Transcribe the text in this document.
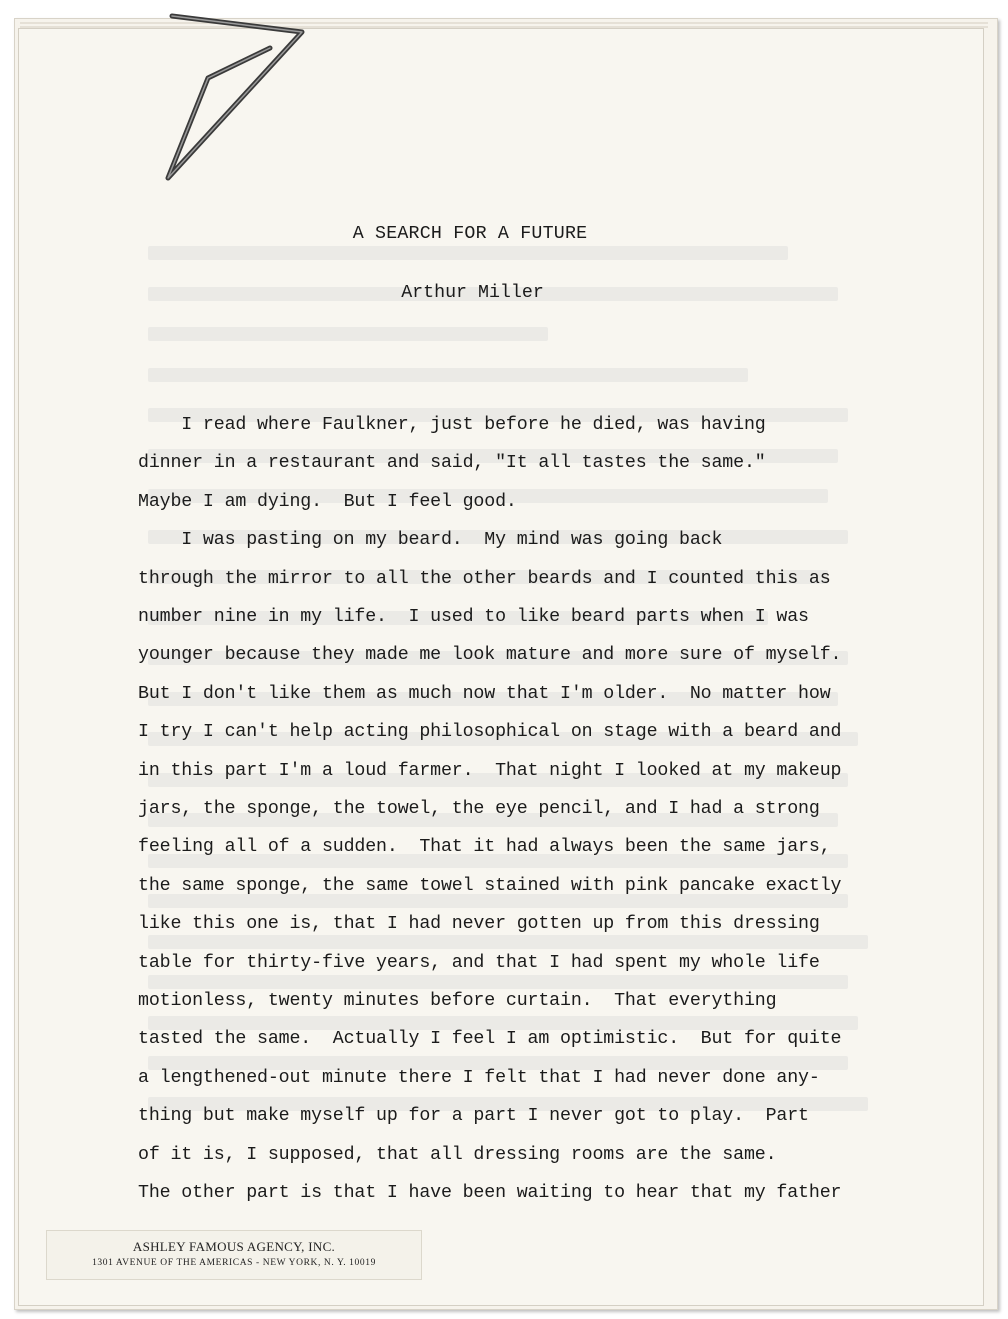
A SEARCH FOR A FUTURE
Arthur Miller
I read where Faulkner, just before he died, was having
dinner in a restaurant and said, "It all tastes the same."
Maybe I am dying.  But I feel good.
I was pasting on my beard.  My mind was going back
through the mirror to all the other beards and I counted this as
number nine in my life.  I used to like beard parts when I was
younger because they made me look mature and more sure of myself.
But I don't like them as much now that I'm older.  No matter how
I try I can't help acting philosophical on stage with a beard and
in this part I'm a loud farmer.  That night I looked at my makeup
jars, the sponge, the towel, the eye pencil, and I had a strong
feeling all of a sudden.  That it had always been the same jars,
the same sponge, the same towel stained with pink pancake exactly
like this one is, that I had never gotten up from this dressing
table for thirty-five years, and that I had spent my whole life
motionless, twenty minutes before curtain.  That everything
tasted the same.  Actually I feel I am optimistic.  But for quite
a lengthened-out minute there I felt that I had never done any-
thing but make myself up for a part I never got to play.  Part
of it is, I supposed, that all dressing rooms are the same.
The other part is that I have been waiting to hear that my father
ASHLEY FAMOUS AGENCY, INC.
1301 AVENUE OF THE AMERICAS - NEW YORK, N. Y. 10019
